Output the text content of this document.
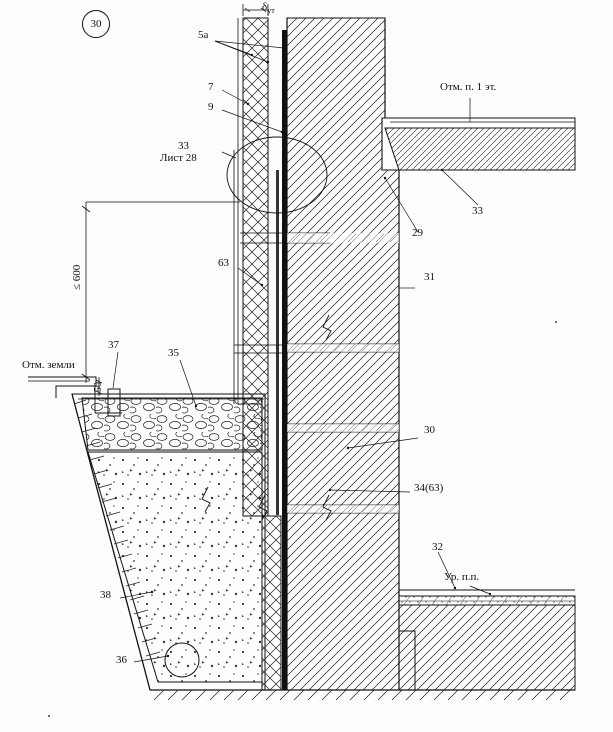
30
$\delta_{ут}$
5а
7
9
33
Лист 28
63
≤ 600
50
Отм. земли
37
35
38
36
Отм. п. 1 эт.
33
29
31
30
34(63)
32
Ур. п.п.
